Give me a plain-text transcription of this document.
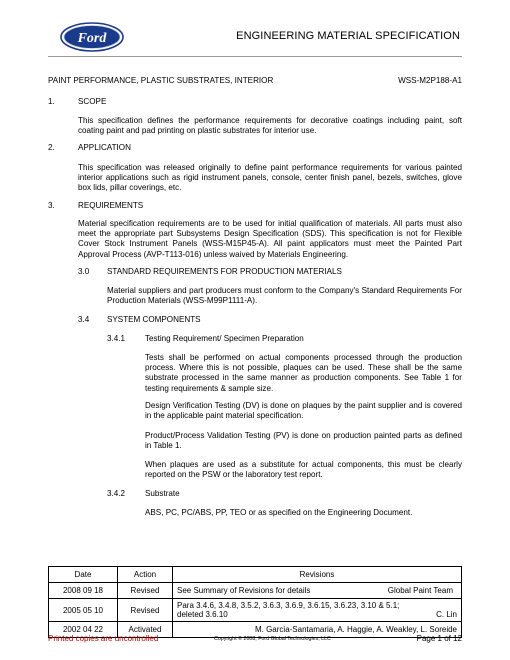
Ford	ENGINEERING MATERIAL SPECIFICATION
PAINT PERFORMANCE, PLASTIC SUBSTRATES, INTERIOR	WSS-M2P188-A1
1.	SCOPE
This specification defines the performance requirements for decorative coatings including paint, soft coating paint and pad printing on plastic substrates for interior use.
2.	APPLICATION
This specification was released originally to define paint performance requirements for various painted interior applications such as rigid instrument panels, console, center finish panel, bezels, switches, glove box lids, pillar coverings, etc.
3.	REQUIREMENTS
Material specification requirements are to be used for initial qualification of materials. All parts must also meet the appropriate part Subsystems Design Specification (SDS). This specification is not for Flexible Cover Stock Instrument Panels (WSS-M15P45-A). All paint applicators must meet the Painted Part Approval Process (AVP-T113-016) unless waived by Materials Engineering.
3.0 STANDARD REQUIREMENTS FOR PRODUCTION MATERIALS
Material suppliers and part producers must conform to the Company's Standard Requirements For Production Materials (WSS-M99P1111-A).
3.4 SYSTEM COMPONENTS
3.4.1 Testing Requirement/ Specimen Preparation
Tests shall be performed on actual components processed through the production process. Where this is not possible, plaques can be used. These shall be the same substrate processed in the same manner as production components. See Table 1 for testing requirements & sample size.
Design Verification Testing (DV) is done on plaques by the paint supplier and is covered in the applicable paint material specification.
Product/Process Validation Testing (PV) is done on production painted parts as defined in Table 1.
When plaques are used as a substitute for actual components, this must be clearly reported on the PSW or the laboratory test report.
3.4.2 Substrate
ABS, PC, PC/ABS, PP, TEO or as specified on the Engineering Document.
Date	Action	Revisions
2008 09 18	Revised	See Summary of Revisions for details Global Paint Team

2005 05 10	Revised	Para 3.4.6, 3.4.8, 3.5.2, 3.6.3, 3.6.9, 3.6.15, 3.6.23, 3.10 & 5.1; deleted 3.6.10 C. Lin

2002 04 22	Activated	M. Garcia-Santamaria, A. Haggie, A. Weakley, L. Soreide
Printed copies are uncontrolled	Copyright © 2008, Ford Global Technologies, LLC	Page 1 of 12
